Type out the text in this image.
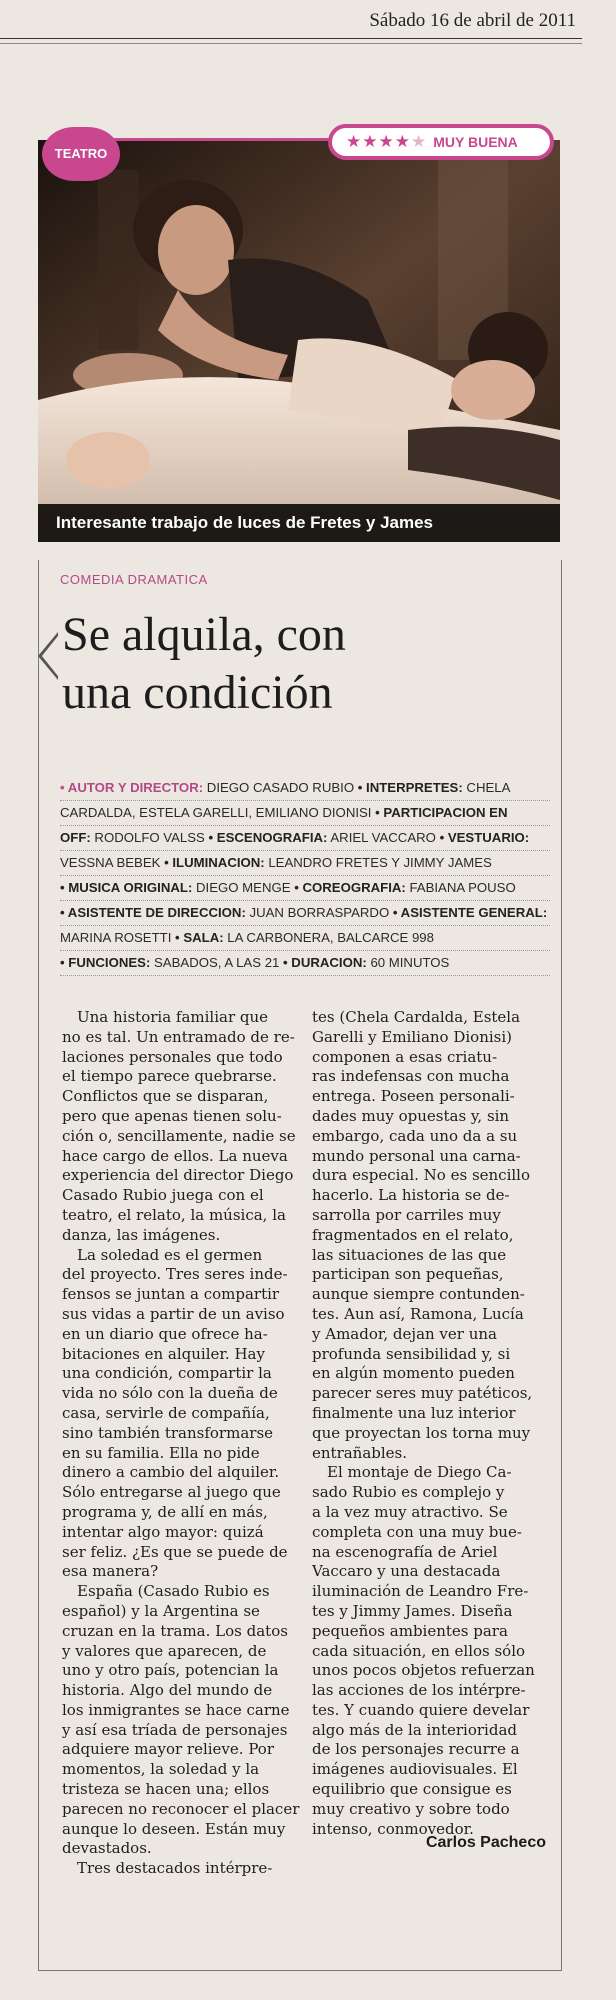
Sábado 16 de abril de 2011
TEATRO
★★★★★ MUY BUENA
Interesante trabajo de luces de Fretes y James
COMEDIA DRAMATICA
Se alquila, con
una condición
• AUTOR Y DIRECTOR: DIEGO CASADO RUBIO • INTERPRETES: CHELA
CARDALDA, ESTELA GARELLI, EMILIANO DIONISI • PARTICIPACION EN
OFF: RODOLFO VALSS • ESCENOGRAFIA: ARIEL VACCARO • VESTUARIO:
VESSNA BEBEK • ILUMINACION: LEANDRO FRETES Y JIMMY JAMES
• MUSICA ORIGINAL: DIEGO MENGE • COREOGRAFIA: FABIANA POUSO
• ASISTENTE DE DIRECCION: JUAN BORRASPARDO • ASISTENTE GENERAL:
MARINA ROSETTI • SALA: LA CARBONERA, BALCARCE 998
• FUNCIONES: SABADOS, A LAS 21 • DURACION: 60 MINUTOS
 Una historia familiar que
no es tal. Un entramado de re-
laciones personales que todo
el tiempo parece quebrarse.
Conflictos que se disparan,
pero que apenas tienen solu-
ción o, sencillamente, nadie se
hace cargo de ellos. La nueva
experiencia del director Diego
Casado Rubio juega con el
teatro, el relato, la música, la
danza, las imágenes.
 La soledad es el germen
del proyecto. Tres seres inde-
fensos se juntan a compartir
sus vidas a partir de un aviso
en un diario que ofrece ha-
bitaciones en alquiler. Hay
una condición, compartir la
vida no sólo con la dueña de
casa, servirle de compañía,
sino también transformarse
en su familia. Ella no pide
dinero a cambio del alquiler.
Sólo entregarse al juego que
programa y, de allí en más,
intentar algo mayor: quizá
ser feliz. ¿Es que se puede de
esa manera?
 España (Casado Rubio es
español) y la Argentina se
cruzan en la trama. Los datos
y valores que aparecen, de
uno y otro país, potencian la
historia. Algo del mundo de
los inmigrantes se hace carne
y así esa tríada de personajes
adquiere mayor relieve. Por
momentos, la soledad y la
tristeza se hacen una; ellos
parecen no reconocer el placer
aunque lo deseen. Están muy
devastados.
 Tres destacados intérpre-
tes (Chela Cardalda, Estela
Garelli y Emiliano Dionisi)
componen a esas criatu-
ras indefensas con mucha
entrega. Poseen personali-
dades muy opuestas y, sin
embargo, cada uno da a su
mundo personal una carna-
dura especial. No es sencillo
hacerlo. La historia se de-
sarrolla por carriles muy
fragmentados en el relato,
las situaciones de las que
participan son pequeñas,
aunque siempre contunden-
tes. Aun así, Ramona, Lucía
y Amador, dejan ver una
profunda sensibilidad y, si
en algún momento pueden
parecer seres muy patéticos,
finalmente una luz interior
que proyectan los torna muy
entrañables.
 El montaje de Diego Ca-
sado Rubio es complejo y
a la vez muy atractivo. Se
completa con una muy bue-
na escenografía de Ariel
Vaccaro y una destacada
iluminación de Leandro Fre-
tes y Jimmy James. Diseña
pequeños ambientes para
cada situación, en ellos sólo
unos pocos objetos refuerzan
las acciones de los intérpre-
tes. Y cuando quiere develar
algo más de la interioridad
de los personajes recurre a
imágenes audiovisuales. El
equilibrio que consigue es
muy creativo y sobre todo
intenso, conmovedor.
Carlos Pacheco
